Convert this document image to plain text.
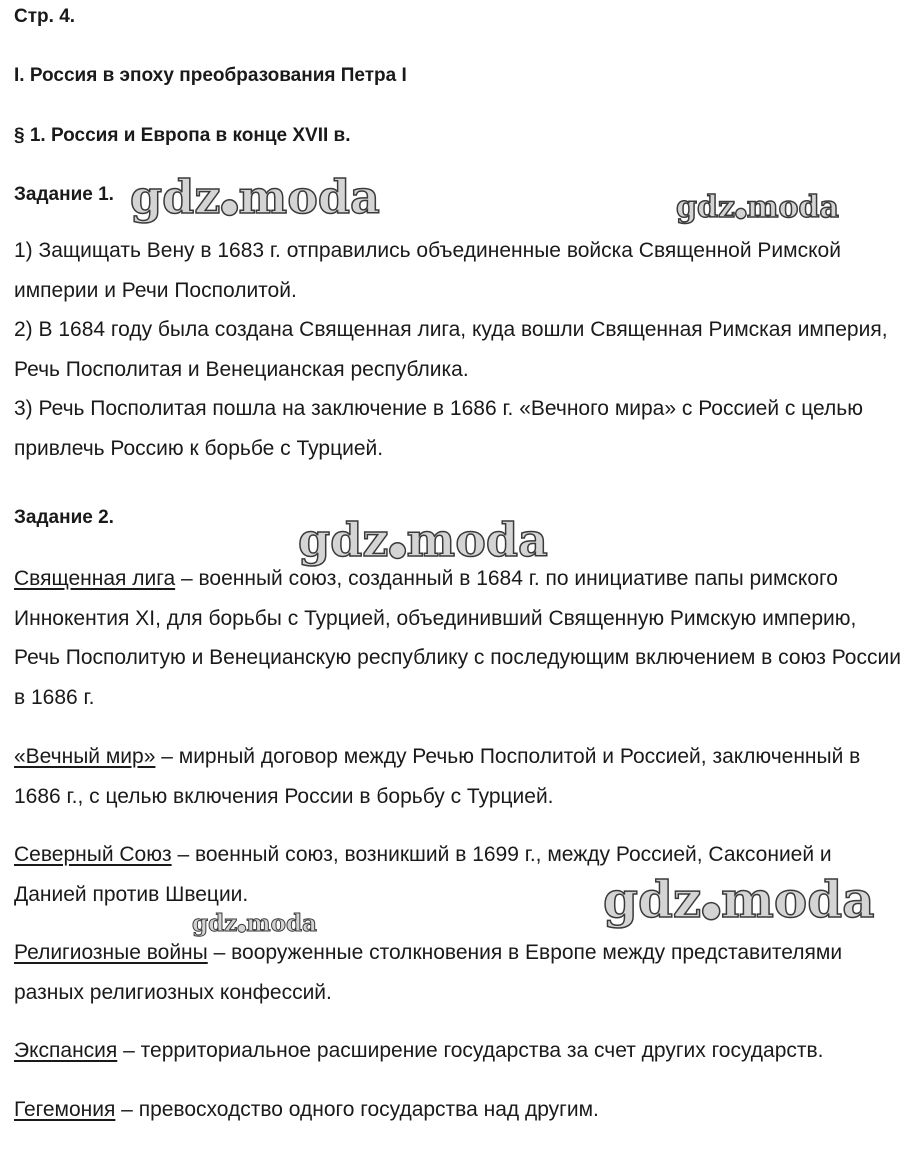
Стр. 4.
I. Россия в эпоху преобразования Петра I
§ 1. Россия и Европа в конце XVII в.
Задание 1.

1) Защищать Вену в 1683 г. отправились объединенные войска Священной Римской империи и Речи Посполитой.

2) В 1684 году была создана Священная лига, куда вошли Священная Римская империя, Речь Посполитая и Венецианская республика.

3) Речь Посполитая пошла на заключение в 1686 г. «Вечного мира» с Россией с целью привлечь Россию к борьбе с Турцией.

Задание 2.

Священная лига – военный союз, созданный в 1684 г. по инициативе папы римского Иннокентия XI, для борьбы с Турцией, объединивший Священную Римскую империю, Речь Посполитую и Венецианскую республику с последующим включением в союз России в 1686 г.

«Вечный мир» – мирный договор между Речью Посполитой и Россией, заключенный в 1686 г., с целью включения России в борьбу с Турцией.

Северный Союз – военный союз, возникший в 1699 г., между Россией, Саксонией и Данией против Швеции.

Религиозные войны – вооруженные столкновения в Европе между представителями разных религиозных конфессий.

Экспансия – территориальное расширение государства за счет других государств.

Гегемония – превосходство одного государства над другим.

gdz●moda	gdz●moda
gdz●moda
gdz●moda
gdz●moda
